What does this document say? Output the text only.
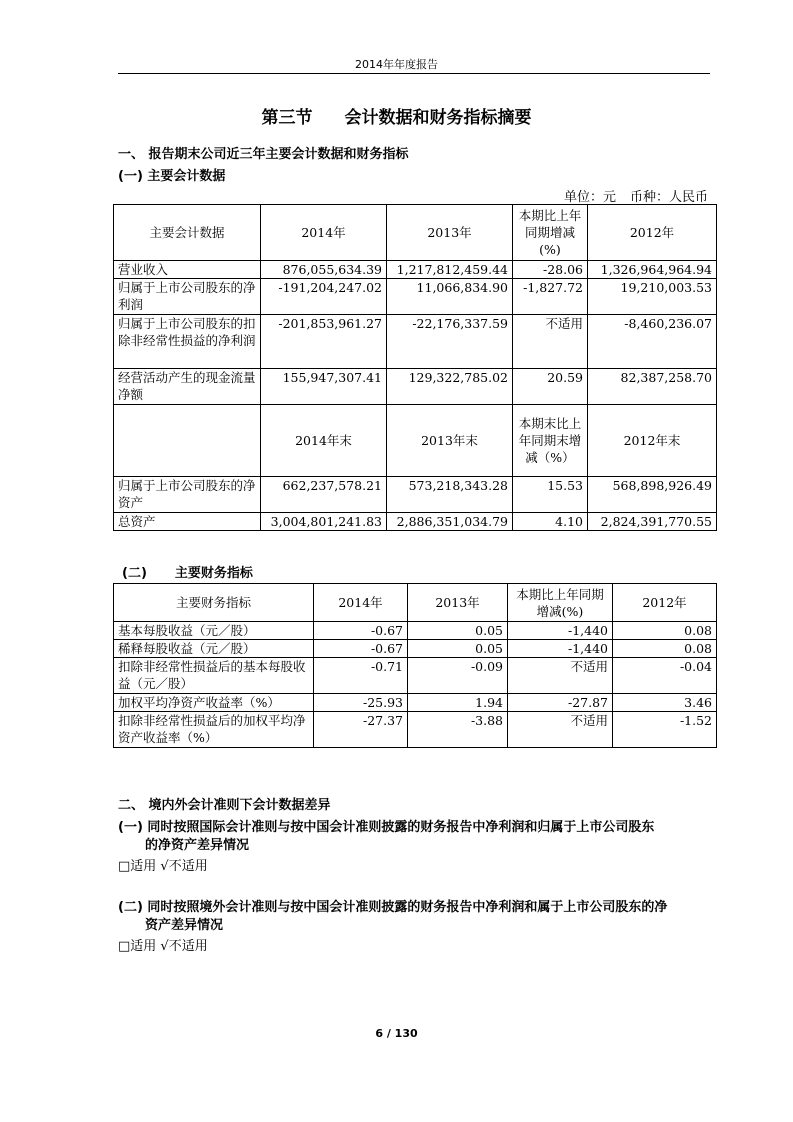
2014年年度报告
第三节 会计数据和财务指标摘要
一、 报告期末公司近三年主要会计数据和财务指标
(一) 主要会计数据
单位：元 币种：人民币
主要会计数据	2014年	2013年	本期比上年同期增减(%)	2012年
营业收入	876,055,634.39	1,217,812,459.44	-28.06	1,326,964,964.94
归属于上市公司股东的净利润	-191,204,247.02	11,066,834.90	-1,827.72	19,210,003.53
归属于上市公司股东的扣除非经常性损益的净利润	-201,853,961.27	-22,176,337.59	不适用	-8,460,236.07
经营活动产生的现金流量净额	155,947,307.41	129,322,785.02	20.59	82,387,258.70
	2014年末	2013年末	本期末比上年同期末增减（%）	2012年末
归属于上市公司股东的净资产	662,237,578.21	573,218,343.28	15.53	568,898,926.49
总资产	3,004,801,241.83	2,886,351,034.79	4.10	2,824,391,770.55
(二) 主要财务指标
主要财务指标	2014年	2013年	本期比上年同期增减(%)	2012年
基本每股收益（元／股）	-0.67	0.05	-1,440	0.08
稀释每股收益（元／股）	-0.67	0.05	-1,440	0.08
扣除非经常性损益后的基本每股收益（元／股）	-0.71	-0.09	不适用	-0.04
加权平均净资产收益率（%）	-25.93	1.94	-27.87	3.46
扣除非经常性损益后的加权平均净资产收益率（%）	-27.37	-3.88	不适用	-1.52
二、 境内外会计准则下会计数据差异
(一) 同时按照国际会计准则与按中国会计准则披露的财务报告中净利润和归属于上市公司股东
的净资产差异情况
□适用 √不适用
(二) 同时按照境外会计准则与按中国会计准则披露的财务报告中净利润和属于上市公司股东的净
资产差异情况
□适用 √不适用
6 / 130
